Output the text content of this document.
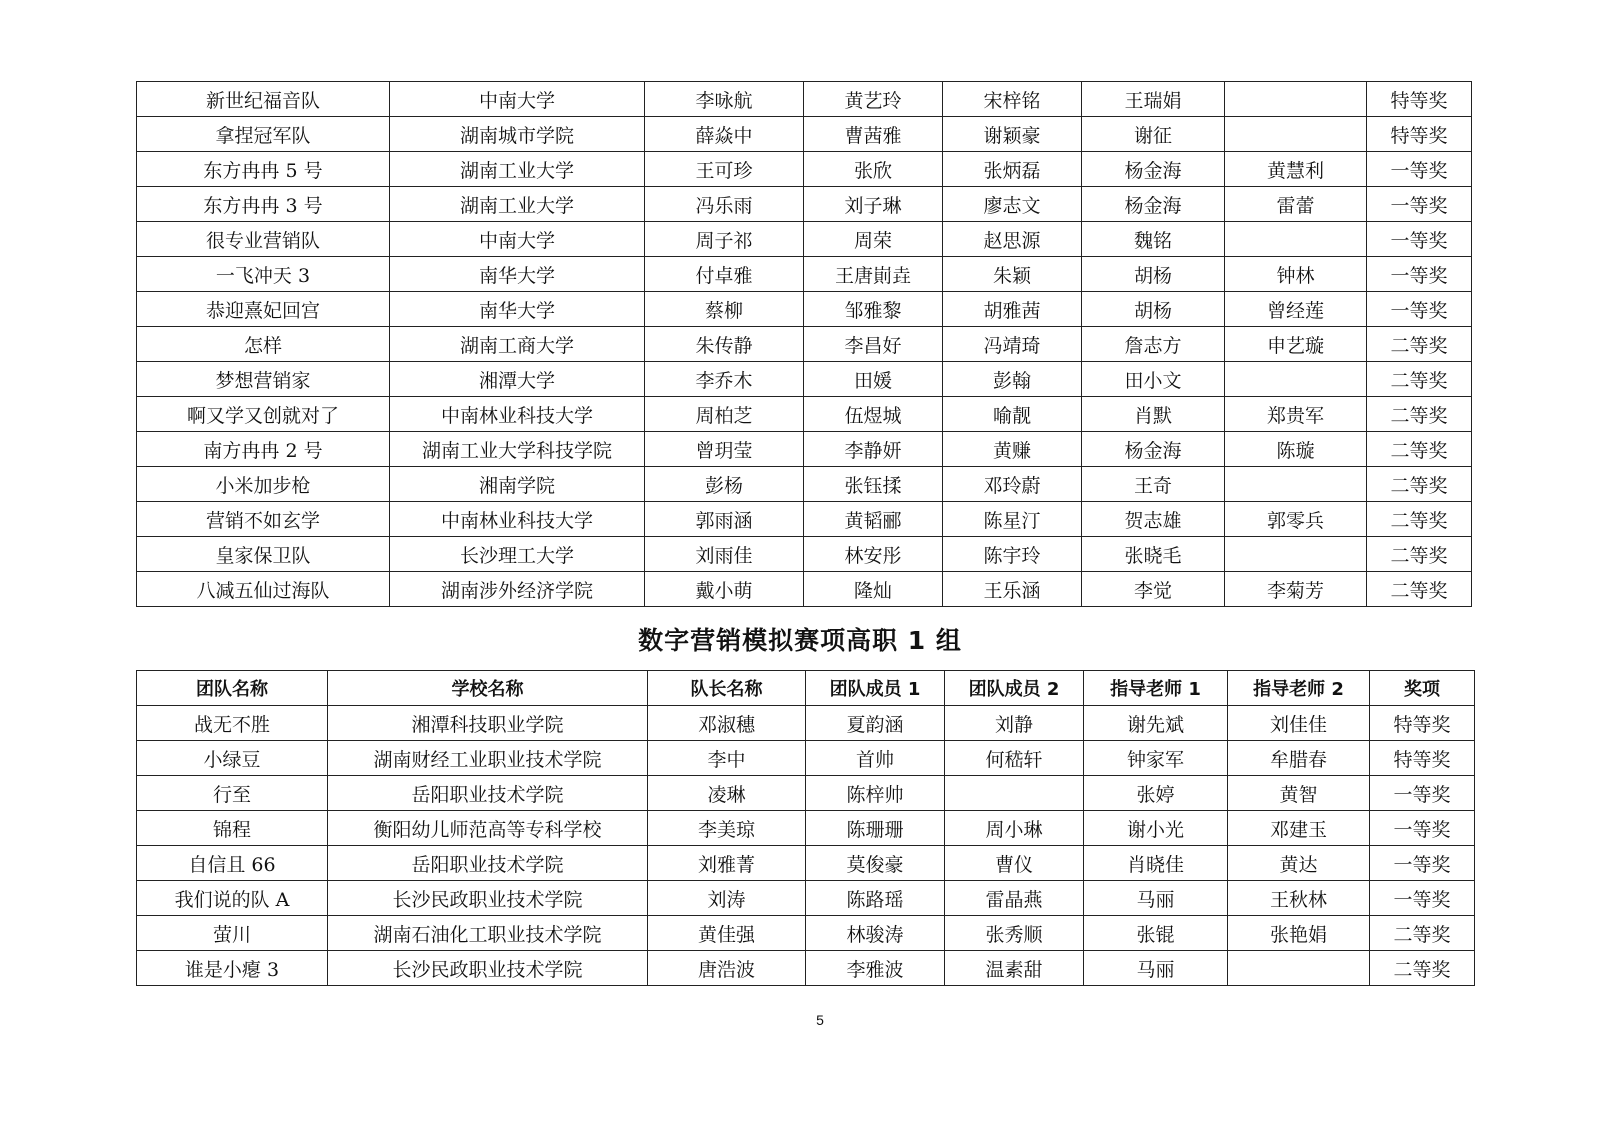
新世纪福音队	中南大学	李咏航	黄艺玲	宋梓铭	王瑞娟		特等奖
拿捏冠军队	湖南城市学院	薛焱中	曹茜雅	谢颖豪	谢征		特等奖
东方冉冉 5 号	湖南工业大学	王可珍	张欣	张炳磊	杨金海	黄慧利	一等奖
东方冉冉 3 号	湖南工业大学	冯乐雨	刘子琳	廖志文	杨金海	雷蕾	一等奖
很专业营销队	中南大学	周子祁	周荣	赵思源	魏铭		一等奖
一飞冲天 3	南华大学	付卓雅	王唐崱垚	朱颖	胡杨	钟林	一等奖
恭迎熹妃回宫	南华大学	蔡柳	邹雅黎	胡雅茜	胡杨	曾经莲	一等奖
怎样	湖南工商大学	朱传静	李昌好	冯靖琦	詹志方	申艺璇	二等奖
梦想营销家	湘潭大学	李乔木	田媛	彭翰	田小文		二等奖
啊又学又创就对了	中南林业科技大学	周柏芝	伍煜城	喻靓	肖默	郑贵军	二等奖
南方冉冉 2 号	湖南工业大学科技学院	曾玥莹	李静妍	黄赚	杨金海	陈璇	二等奖
小米加步枪	湘南学院	彭杨	张钰揉	邓玲蔚	王奇		二等奖
营销不如玄学	中南林业科技大学	郭雨涵	黄韬郦	陈星汀	贺志雄	郭零兵	二等奖
皇家保卫队	长沙理工大学	刘雨佳	林安彤	陈宇玲	张晓毛		二等奖
八减五仙过海队	湖南涉外经济学院	戴小萌	隆灿	王乐涵	李觉	李菊芳	二等奖
数字营销模拟赛项高职 1 组
团队名称	学校名称	队长名称	团队成员 1	团队成员 2	指导老师 1	指导老师 2	奖项
战无不胜	湘潭科技职业学院	邓淑穗	夏韵涵	刘静	谢先斌	刘佳佳	特等奖
小绿豆	湖南财经工业职业技术学院	李中	首帅	何嵇轩	钟家军	牟腊春	特等奖
行至	岳阳职业技术学院	凌琳	陈梓帅		张婷	黄智	一等奖
锦程	衡阳幼儿师范高等专科学校	李美琼	陈珊珊	周小琳	谢小光	邓建玉	一等奖
自信且 66	岳阳职业技术学院	刘雅菁	莫俊豪	曹仪	肖晓佳	黄达	一等奖
我们说的队 A	长沙民政职业技术学院	刘涛	陈路瑶	雷晶燕	马丽	王秋林	一等奖
萤川	湖南石油化工职业技术学院	黄佳强	林骏涛	张秀顺	张锟	张艳娟	二等奖
谁是小瘪 3	长沙民政职业技术学院	唐浩波	李雅波	温素甜	马丽		二等奖
5
